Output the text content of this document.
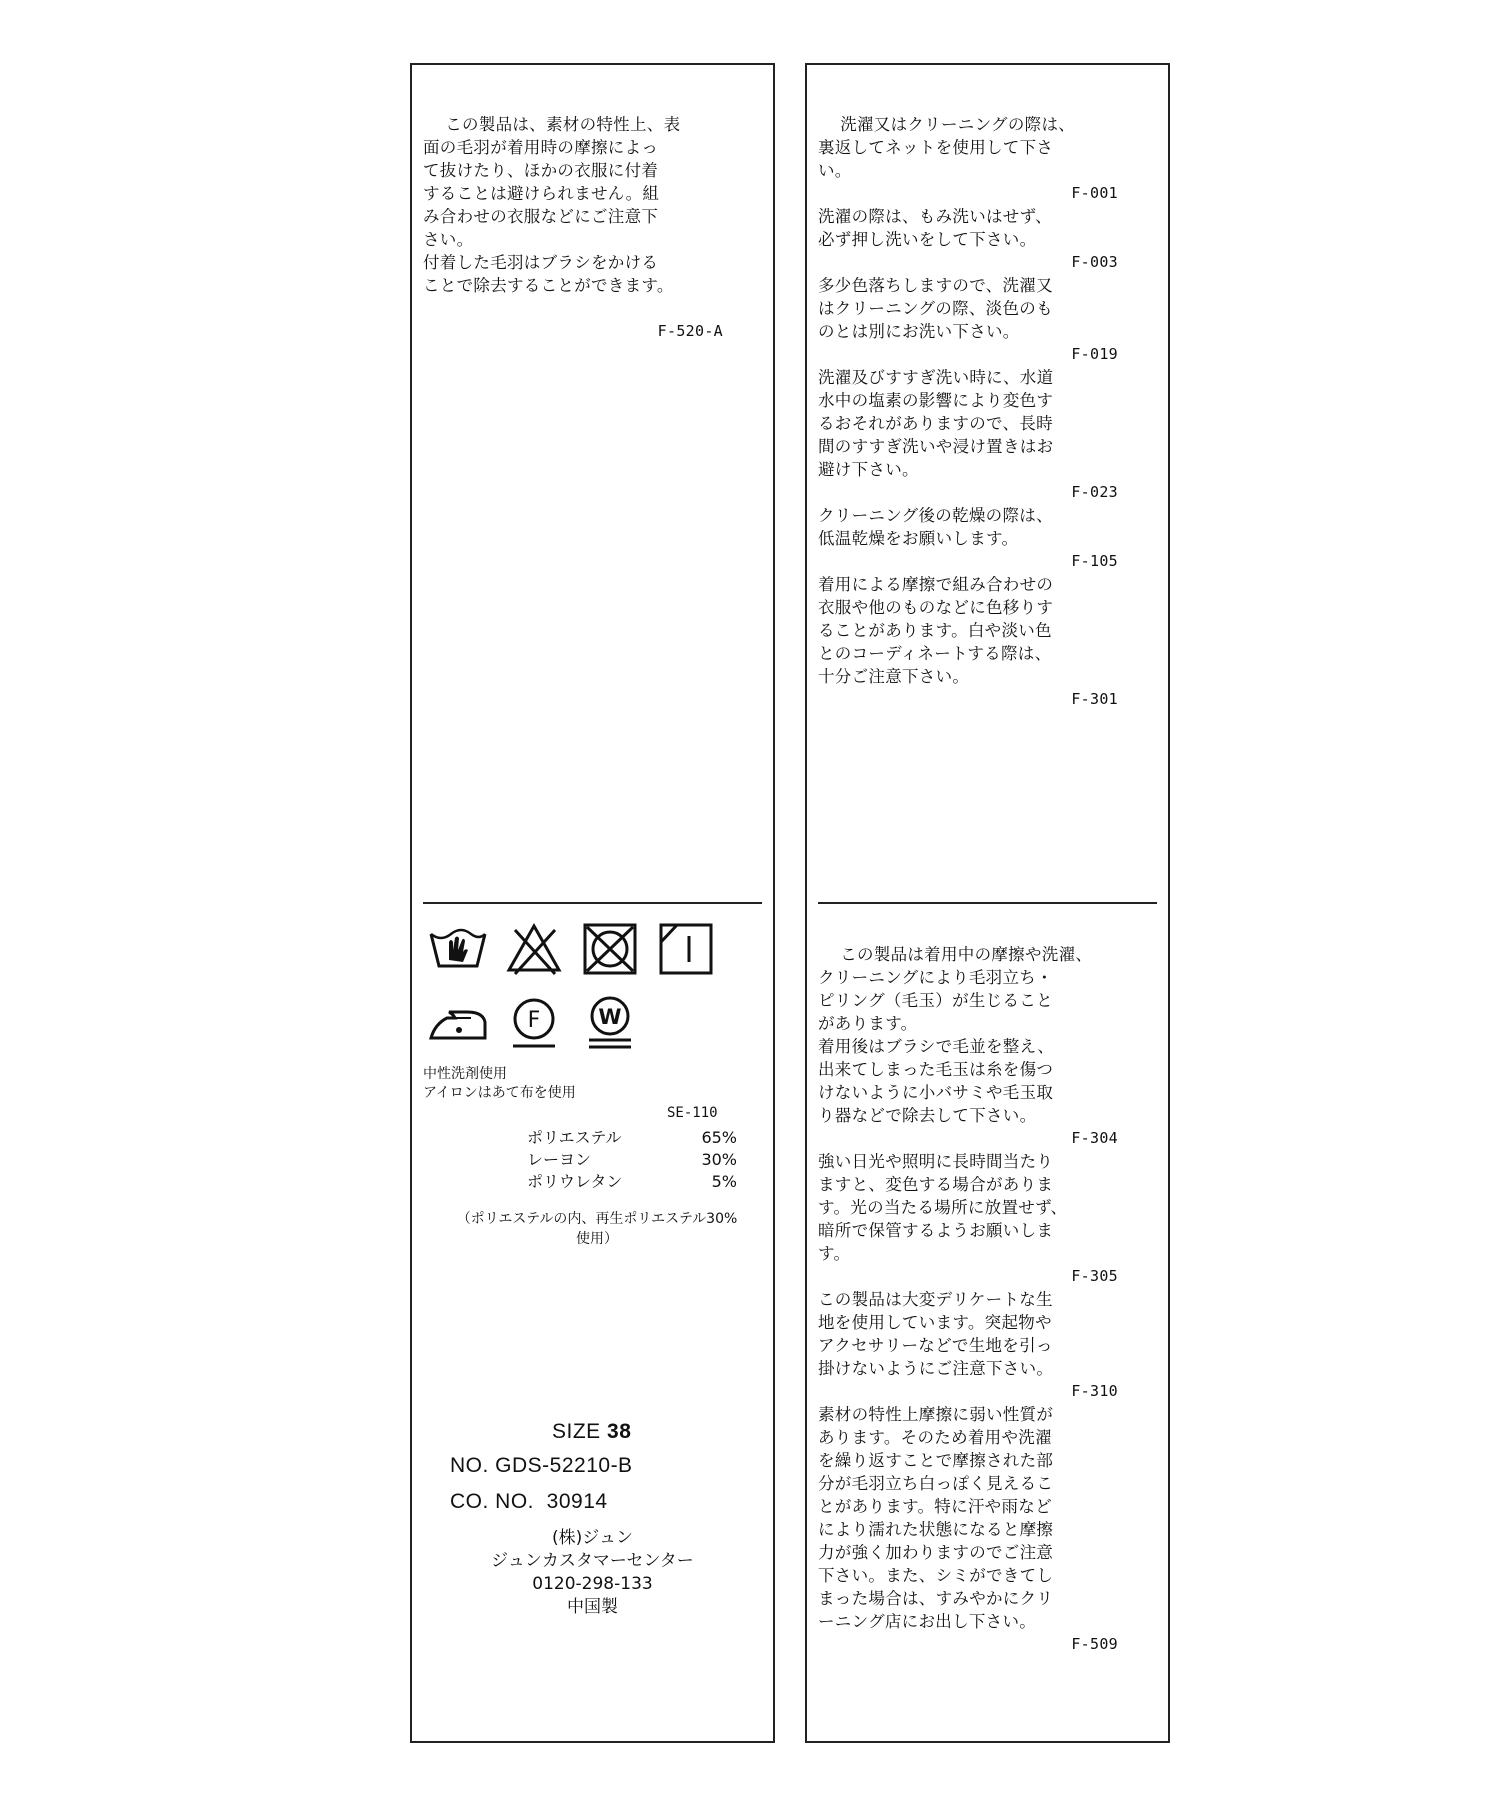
この製品は、素材の特性上、表
面の毛羽が着用時の摩擦によっ
て抜けたり、ほかの衣服に付着
することは避けられません。組
み合わせの衣服などにご注意下
さい。
付着した毛羽はブラシをかける
ことで除去することができます。

F-520-A

F	W
中性洗剤使用
アイロンはあて布を使用
SE-110
ポリエステル	65%
レーヨン	30%
ポリウレタン	5%
（ポリエステルの内、再生ポリエステル30%
使用）
SIZE 38
NO. GDS-52210-B
CO. NO.  30914
(株)ジュン
ジュンカスタマーセンター
0120-298-133
中国製

洗濯又はクリーニングの際は、
裏返してネットを使用して下さ
い。
F-001
洗濯の際は、もみ洗いはせず、
必ず押し洗いをして下さい。
F-003
多少色落ちしますので、洗濯又
はクリーニングの際、淡色のも
のとは別にお洗い下さい。
F-019
洗濯及びすすぎ洗い時に、水道
水中の塩素の影響により変色す
るおそれがありますので、長時
間のすすぎ洗いや浸け置きはお
避け下さい。
F-023
クリーニング後の乾燥の際は、
低温乾燥をお願いします。
F-105
着用による摩擦で組み合わせの
衣服や他のものなどに色移りす
ることがあります。白や淡い色
とのコーディネートする際は、
十分ご注意下さい。
F-301

この製品は着用中の摩擦や洗濯、
クリーニングにより毛羽立ち・
ピリング（毛玉）が生じること
があります。
着用後はブラシで毛並を整え、
出来てしまった毛玉は糸を傷つ
けないように小バサミや毛玉取
り器などで除去して下さい。
F-304
強い日光や照明に長時間当たり
ますと、変色する場合がありま
す。光の当たる場所に放置せず、
暗所で保管するようお願いしま
す。
F-305
この製品は大変デリケートな生
地を使用しています。突起物や
アクセサリーなどで生地を引っ
掛けないようにご注意下さい。
F-310
素材の特性上摩擦に弱い性質が
あります。そのため着用や洗濯
を繰り返すことで摩擦された部
分が毛羽立ち白っぽく見えるこ
とがあります。特に汗や雨など
により濡れた状態になると摩擦
力が強く加わりますのでご注意
下さい。また、シミができてし
まった場合は、すみやかにクリ
ーニング店にお出し下さい。
F-509
